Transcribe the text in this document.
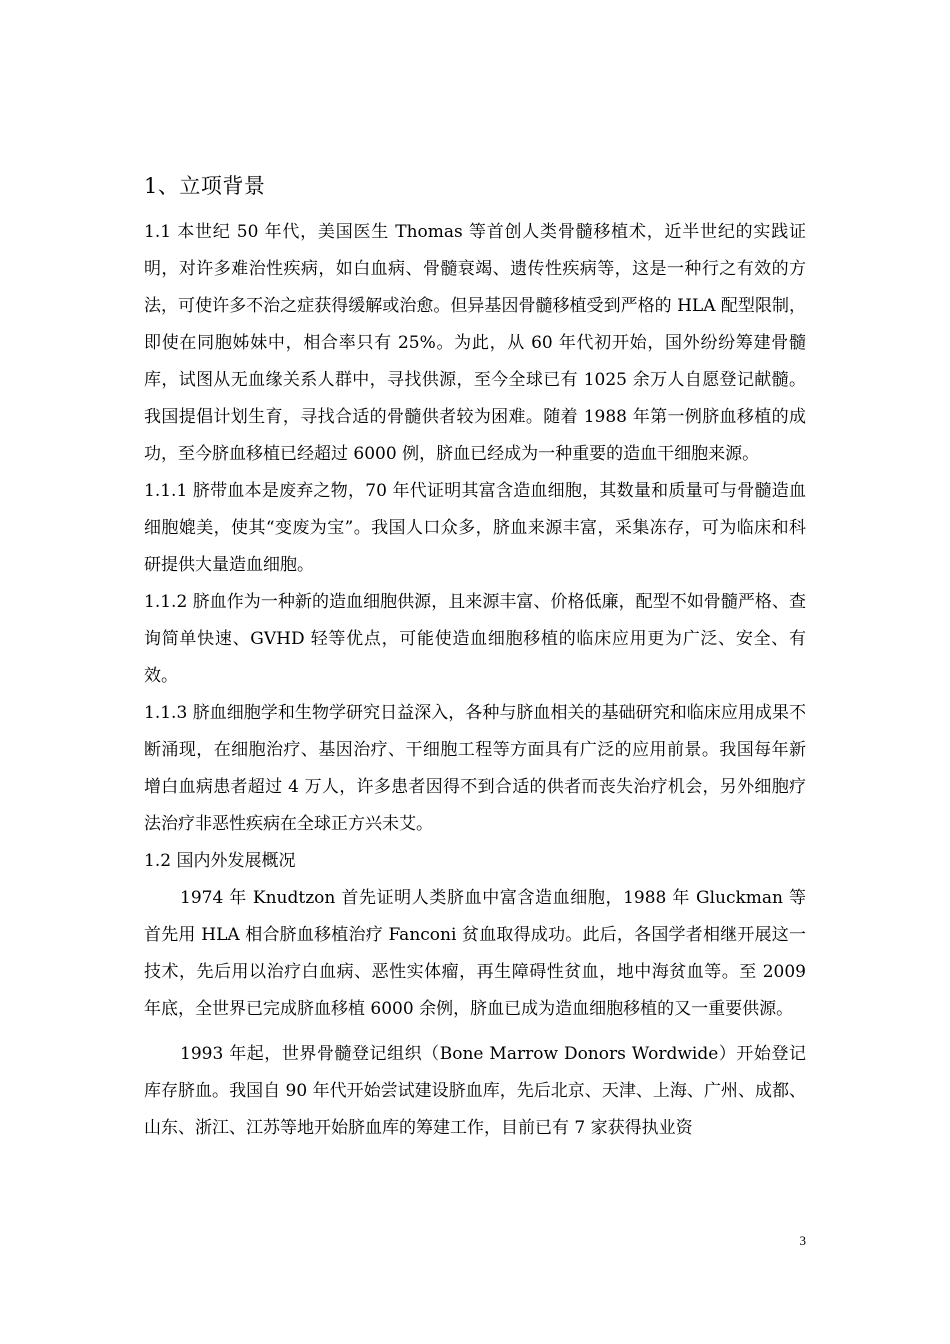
1、立项背景

1.1 本世纪 50 年代，美国医生 Thomas 等首创人类骨髓移植术，近半世纪的实践证明，对许多难治性疾病，如白血病、骨髓衰竭、遗传性疾病等，这是一种行之有效的方法，可使许多不治之症获得缓解或治愈。但异基因骨髓移植受到严格的 HLA 配型限制，即使在同胞姊妹中，相合率只有 25%。为此，从 60 年代初开始，国外纷纷筹建骨髓库，试图从无血缘关系人群中，寻找供源，至今全球已有 1025 余万人自愿登记献髓。我国提倡计划生育，寻找合适的骨髓供者较为困难。随着 1988 年第一例脐血移植的成功，至今脐血移植已经超过 6000 例，脐血已经成为一种重要的造血干细胞来源。

1.1.1 脐带血本是废弃之物，70 年代证明其富含造血细胞，其数量和质量可与骨髓造血细胞媲美，使其“变废为宝”。我国人口众多，脐血来源丰富，采集冻存，可为临床和科研提供大量造血细胞。

1.1.2 脐血作为一种新的造血细胞供源，且来源丰富、价格低廉，配型不如骨髓严格、查询简单快速、GVHD 轻等优点，可能使造血细胞移植的临床应用更为广泛、安全、有效。

1.1.3 脐血细胞学和生物学研究日益深入，各种与脐血相关的基础研究和临床应用成果不断涌现，在细胞治疗、基因治疗、干细胞工程等方面具有广泛的应用前景。我国每年新增白血病患者超过 4 万人，许多患者因得不到合适的供者而丧失治疗机会，另外细胞疗法治疗非恶性疾病在全球正方兴未艾。

1.2 国内外发展概况

1974 年 Knudtzon 首先证明人类脐血中富含造血细胞，1988 年 Gluckman 等首先用 HLA 相合脐血移植治疗 Fanconi 贫血取得成功。此后，各国学者相继开展这一技术，先后用以治疗白血病、恶性实体瘤，再生障碍性贫血，地中海贫血等。至 2009 年底，全世界已完成脐血移植 6000 余例，脐血已成为造血细胞移植的又一重要供源。

1993 年起，世界骨髓登记组织（Bone Marrow Donors Wordwide）开始登记库存脐血。我国自 90 年代开始尝试建设脐血库，先后北京、天津、上海、广州、成都、山东、浙江、江苏等地开始脐血库的筹建工作，目前已有 7 家获得执业资

3
